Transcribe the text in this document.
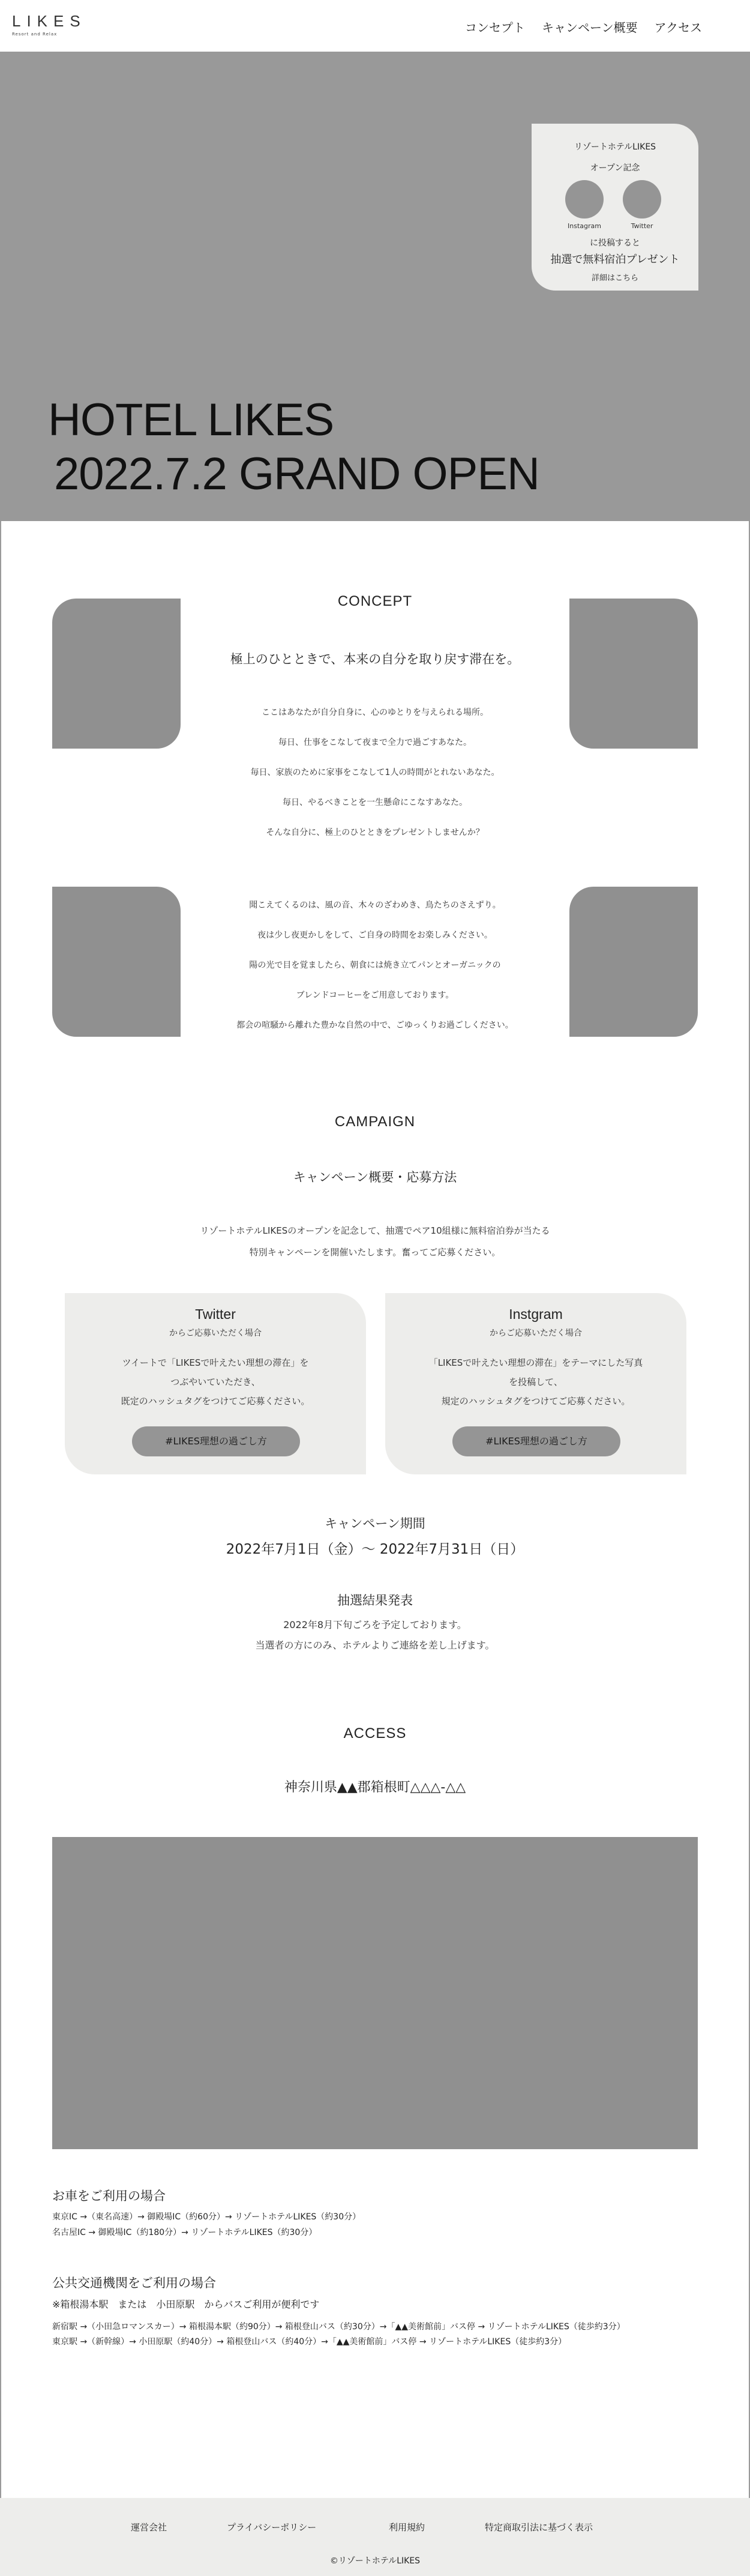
LIKES
Resort and Relax	コンセプト キャンペーン概要 アクセス
リゾートホテルLIKES
オープン記念
Instagram	Twitter
に投稿すると
抽選で無料宿泊プレゼント
詳細はこちら
HOTEL LIKES
2022.7.2 GRAND OPEN
CONCEPT
極上のひとときで、本来の自分を取り戻す滞在を。
ここはあなたが自分自身に、心のゆとりを与えられる場所。
毎日、仕事をこなして夜まで全力で過ごすあなた。
毎日、家族のために家事をこなして1人の時間がとれないあなた。
毎日、やるべきことを一生懸命にこなすあなた。
そんな自分に、極上のひとときをプレゼントしませんか？
聞こえてくるのは、風の音、木々のざわめき、鳥たちのさえずり。
夜は少し夜更かしをして、ご自身の時間をお楽しみください。
陽の光で目を覚ましたら、朝食には焼き立てパンとオーガニックの
ブレンドコーヒーをご用意しております。
都会の喧騒から離れた豊かな自然の中で、ごゆっくりお過ごしください。
CAMPAIGN
キャンペーン概要・応募方法
リゾートホテルLIKESのオープンを記念して、抽選でペア10組様に無料宿泊券が当たる
特別キャンペーンを開催いたします。奮ってご応募ください。
Twitter
からご応募いただく場合
ツイートで「LIKESで叶えたい理想の滞在」を
つぶやいていただき、
既定のハッシュタグをつけてご応募ください。
#LIKES理想の過ごし方
Instgram
からご応募いただく場合
「LIKESで叶えたい理想の滞在」をテーマにした写真
を投稿して、
規定のハッシュタグをつけてご応募ください。
#LIKES理想の過ごし方
キャンペーン期間
2022年7月1日（金）〜 2022年7月31日（日）
抽選結果発表
2022年8月下旬ごろを予定しております。
当選者の方にのみ、ホテルよりご連絡を差し上げます。
ACCESS
神奈川県▲▲郡箱根町△△△-△△
お車をご利用の場合
東京IC →（東名高速）→ 御殿場IC（約60分）→ リゾートホテルLIKES（約30分）
名古屋IC → 御殿場IC（約180分）→ リゾートホテルLIKES（約30分）
公共交通機関をご利用の場合
※箱根湯本駅　または　小田原駅　からバスご利用が便利です
新宿駅 →（小田急ロマンスカー）→ 箱根湯本駅（約90分）→ 箱根登山バス（約30分）→「▲▲美術館前」バス停 → リゾートホテルLIKES（徒歩約3分）
東京駅 →（新幹線）→ 小田原駅（約40分）→ 箱根登山バス（約40分）→「▲▲美術館前」バス停 → リゾートホテルLIKES（徒歩約3分）
運営会社	プライバシーポリシー	利用規約	特定商取引法に基づく表示
©リゾートホテルLIKES
